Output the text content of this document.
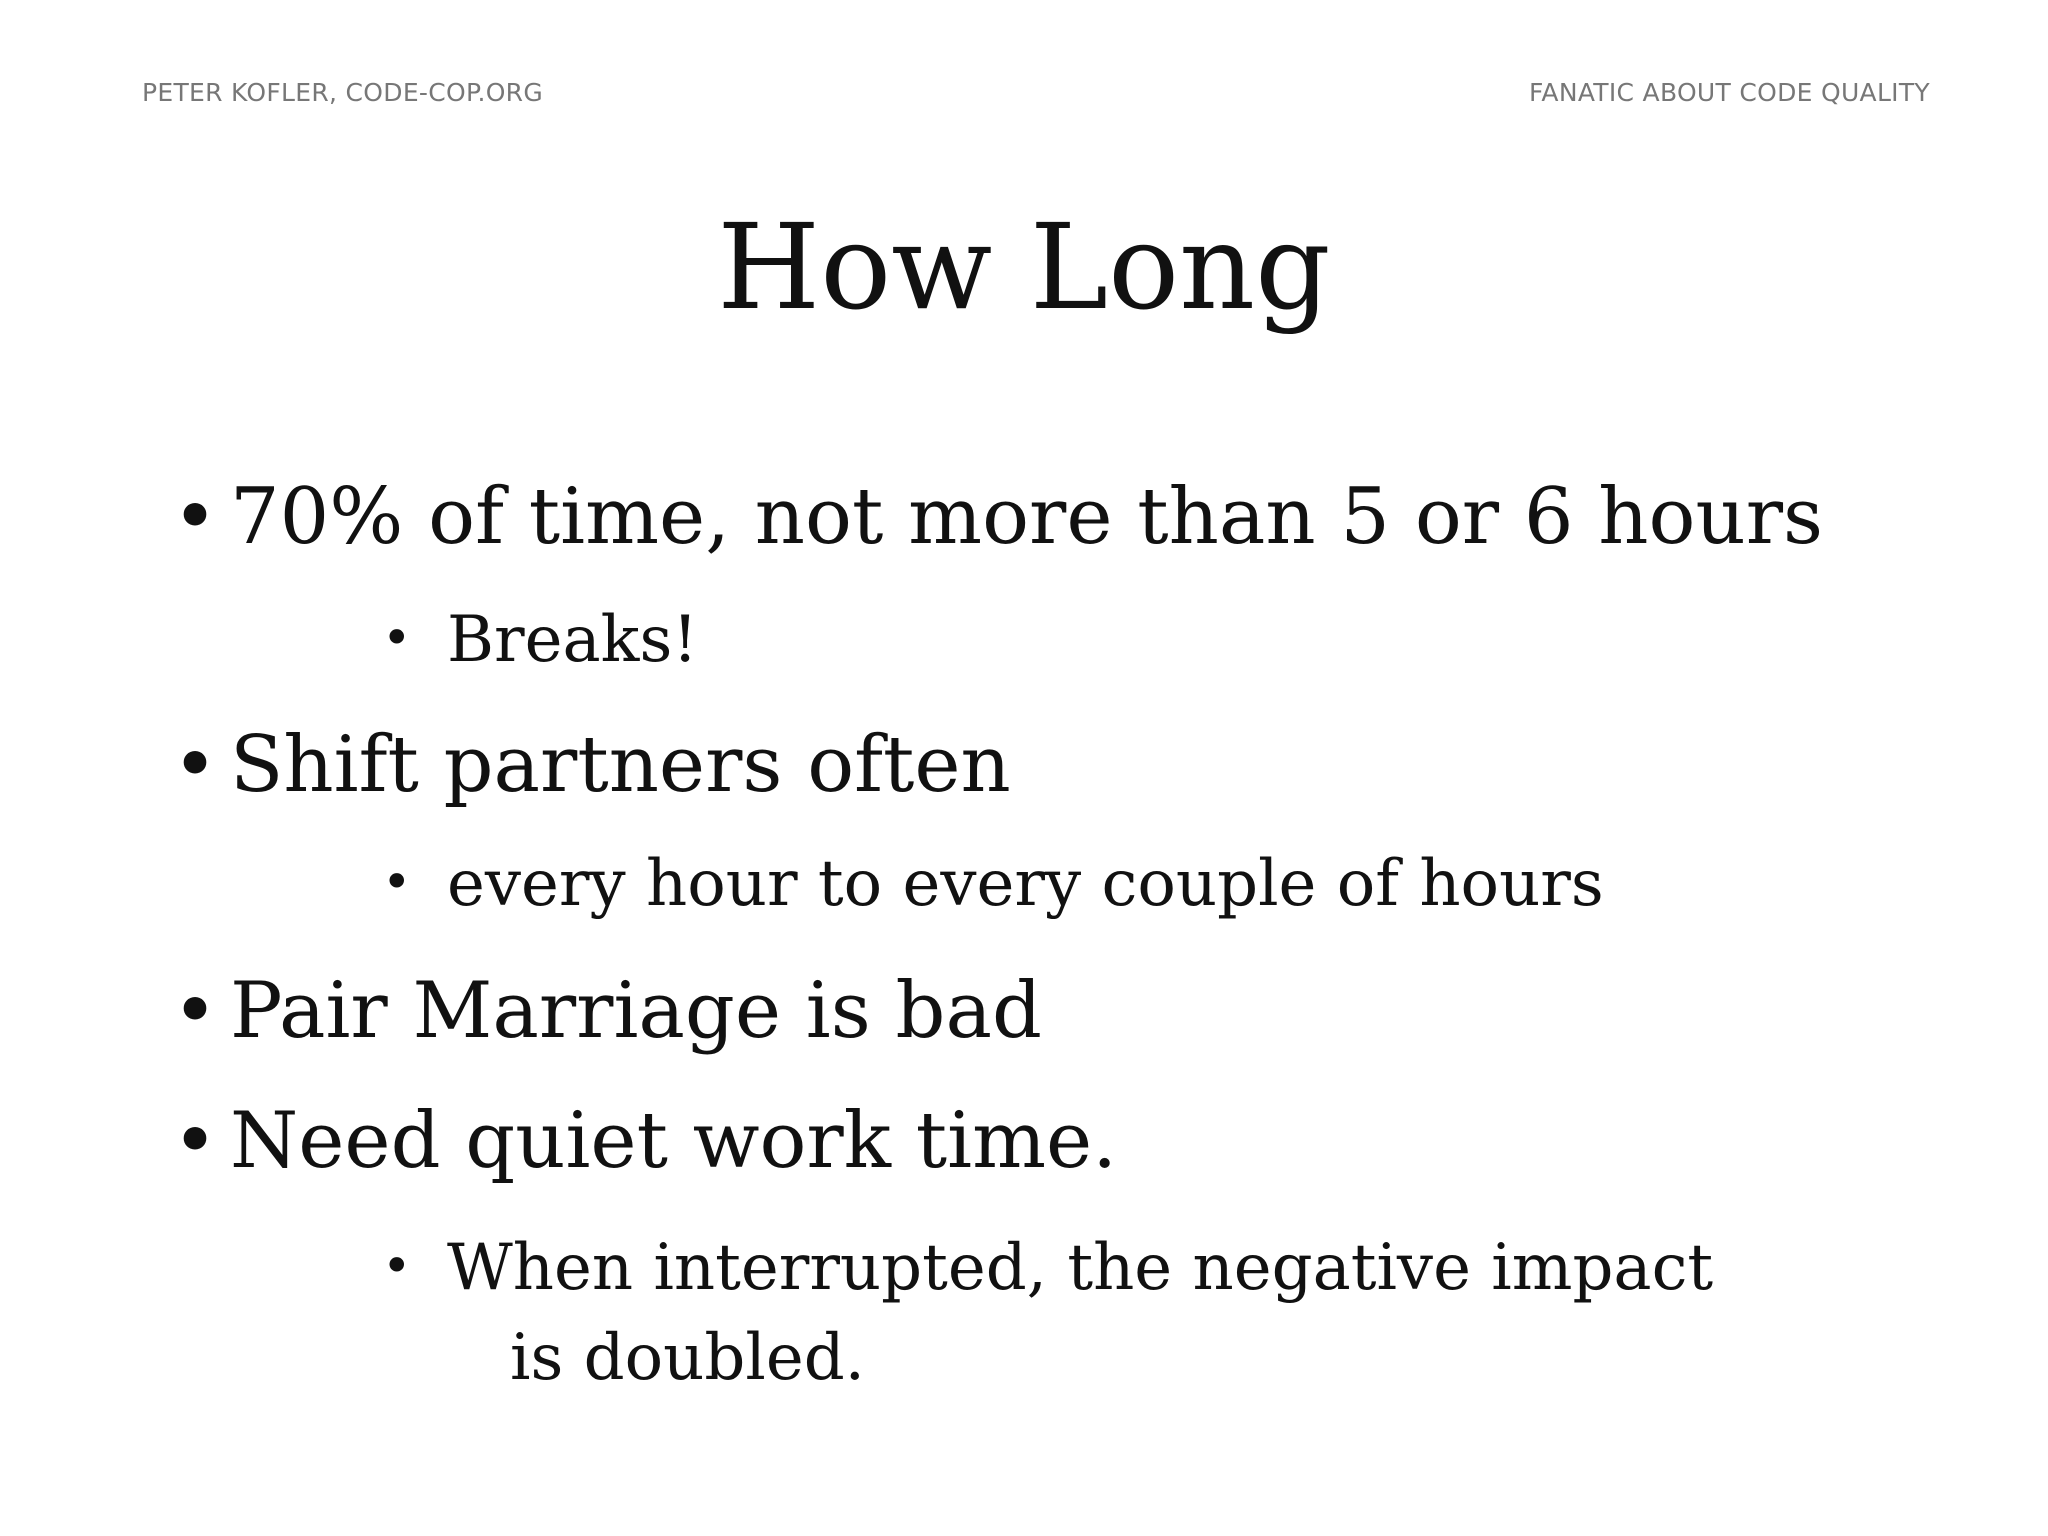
PETER KOFLER, CODE-COP.ORG	FANATIC ABOUT CODE QUALITY
How Long
• 70% of time, not more than 5 or 6 hours
• Breaks!
• Shift partners often
• every hour to every couple of hours
• Pair Marriage is bad
• Need quiet work time.
• When interrupted, the negative impact
is doubled.
